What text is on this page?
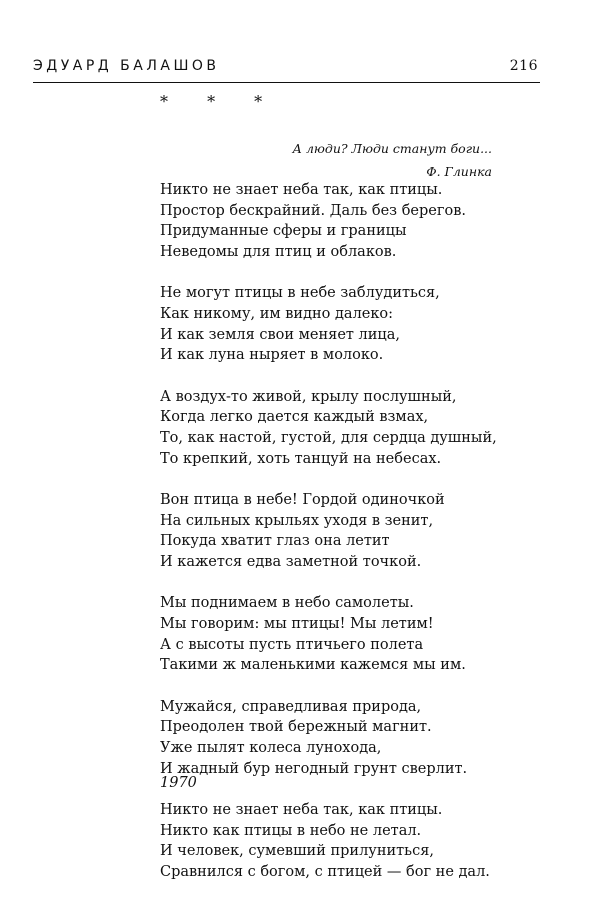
ЭДУАРД БАЛАШОВ	216
* * *
А люди? Люди станут боги...
Ф. Глинка
Никто не знает неба так, как птицы.
Простор бескрайний. Даль без берегов.
Придуманные сферы и границы
Неведомы для птиц и облаков.
Не могут птицы в небе заблудиться,
Как никому, им видно далеко:
И как земля свои меняет лица,
И как луна ныряет в молоко.
А воздух-то живой, крылу послушный,
Когда легко дается каждый взмах,
То, как настой, густой, для сердца душный,
То крепкий, хоть танцуй на небесах.
Вон птица в небе! Гордой одиночкой
На сильных крыльях уходя в зенит,
Покуда хватит глаз она летит
И кажется едва заметной точкой.
Мы поднимаем в небо самолеты.
Мы говорим: мы птицы! Мы летим!
А с высоты пусть птичьего полета
Такими ж маленькими кажемся мы им.
Мужайся, справедливая природа,
Преодолен твой бережный магнит.
Уже пылят колеса лунохода,
И жадный бур негодный грунт сверлит.
Никто не знает неба так, как птицы.
Никто как птицы в небо не летал.
И человек, сумевший прилуниться,
Сравнился с богом, с птицей — бог не дал.
1970
